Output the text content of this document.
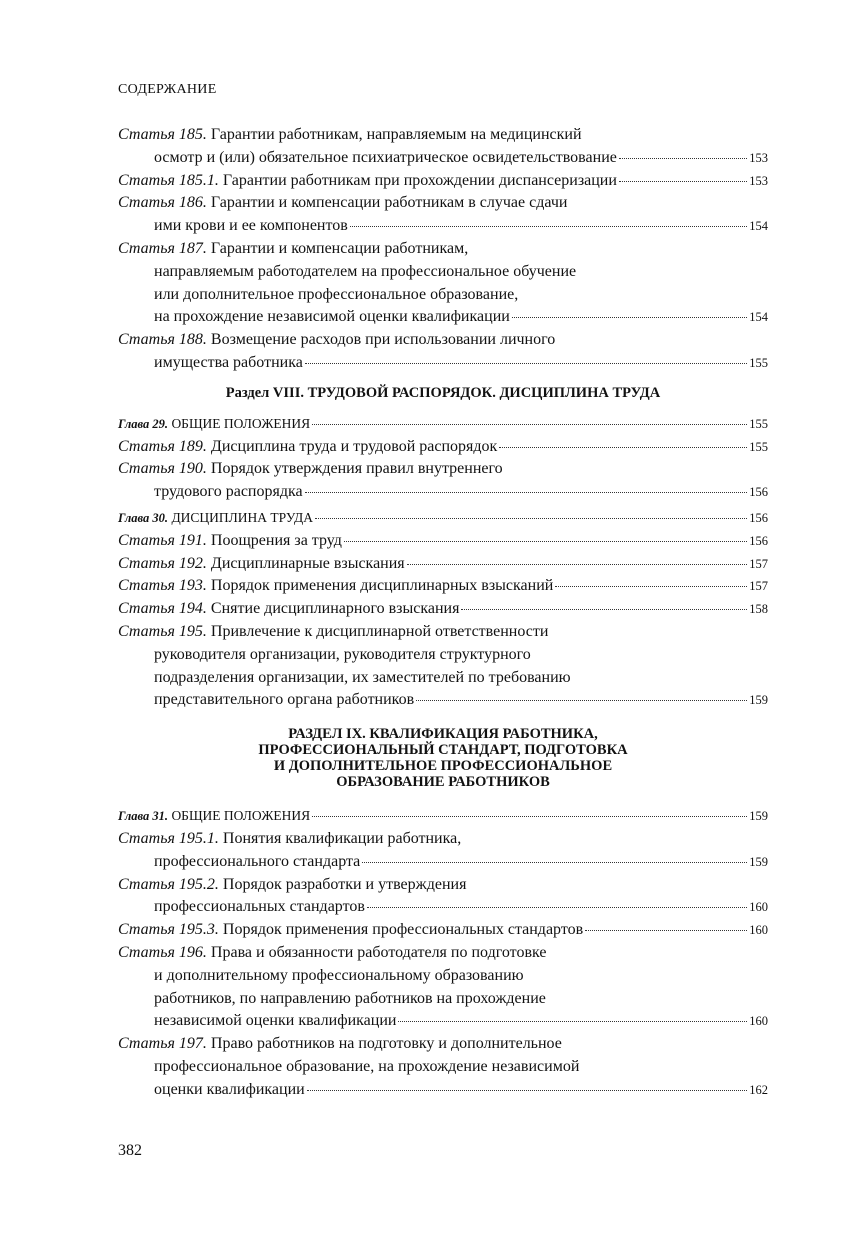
СОДЕРЖАНИЕ
Статья 185. Гарантии работникам, направляемым на медицинский
осмотр и (или) обязательное психиатрическое освидетельствование	153
Статья 185.1. Гарантии работникам при прохождении диспансеризации	153
Статья 186. Гарантии и компенсации работникам в случае сдачи
ими крови и ее компонентов	154
Статья 187. Гарантии и компенсации работникам,
направляемым работодателем на профессиональное обучение
или дополнительное профессиональное образование,
на прохождение независимой оценки квалификации	154
Статья 188. Возмещение расходов при использовании личного
имущества работника	155
Раздел VIII. ТРУДОВОЙ РАСПОРЯДОК. ДИСЦИПЛИНА ТРУДА
Глава 29. ОБЩИЕ ПОЛОЖЕНИЯ	155
Статья 189. Дисциплина труда и трудовой распорядок	155
Статья 190. Порядок утверждения правил внутреннего
трудового распорядка	156
Глава 30. ДИСЦИПЛИНА ТРУДА	156
Статья 191. Поощрения за труд	156
Статья 192. Дисциплинарные взыскания	157
Статья 193. Порядок применения дисциплинарных взысканий	157
Статья 194. Снятие дисциплинарного взыскания	158
Статья 195. Привлечение к дисциплинарной ответственности
руководителя организации, руководителя структурного
подразделения организации, их заместителей по требованию
представительного органа работников	159
РАЗДЕЛ IX. КВАЛИФИКАЦИЯ РАБОТНИКА,
ПРОФЕССИОНАЛЬНЫЙ СТАНДАРТ, ПОДГОТОВКА
И ДОПОЛНИТЕЛЬНОЕ ПРОФЕССИОНАЛЬНОЕ
ОБРАЗОВАНИЕ РАБОТНИКОВ
Глава 31. ОБЩИЕ ПОЛОЖЕНИЯ	159
Статья 195.1. Понятия квалификации работника,
профессионального стандарта	159
Статья 195.2. Порядок разработки и утверждения
профессиональных стандартов	160
Статья 195.3. Порядок применения профессиональных стандартов	160
Статья 196. Права и обязанности работодателя по подготовке
и дополнительному профессиональному образованию
работников, по направлению работников на прохождение
независимой оценки квалификации	160
Статья 197. Право работников на подготовку и дополнительное
профессиональное образование, на прохождение независимой
оценки квалификации	162
382
